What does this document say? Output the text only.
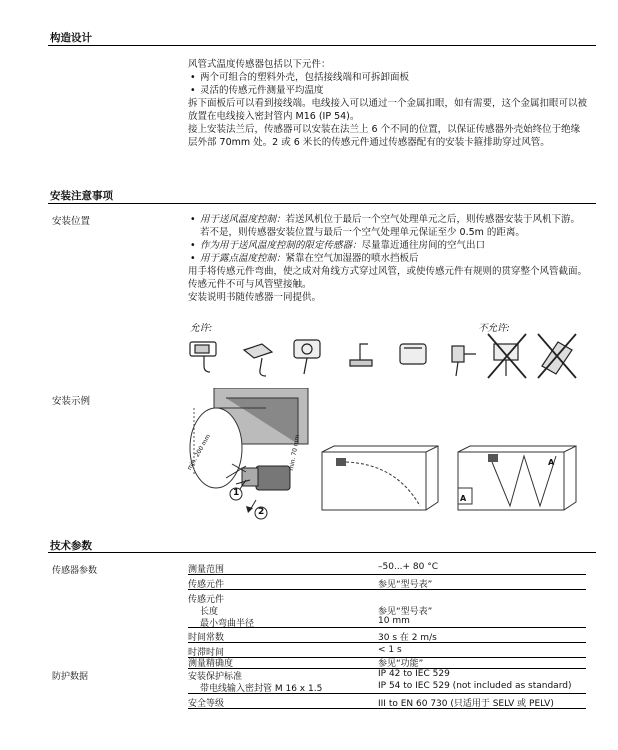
构造设计
风管式温度传感器包括以下元件：
• 两个可组合的塑料外壳，包括接线端和可拆卸面板
• 灵活的传感元件测量平均温度
拆下面板后可以看到接线端。电线接入可以通过一个金属扣眼，如有需要，这个金属扣眼可以被放置在电线接入密封管内 M16 (IP 54)。
接上安装法兰后，传感器可以安装在法兰上 6 个不同的位置，以保证传感器外壳始终位于绝缘层外部 70mm 处。2 或 6 米长的传感元件通过传感器配有的安装卡箍排助穿过风管。
安装注意事项
安装位置
•	用于送风温度控制：若送风机位于最后一个空气处理单元之后，则传感器安装于风机下游。若不是，则传感器安装位置与最后一个空气处理单元保证至少 0.5m 的距离。
• 作为用于送风温度控制的限定传感器：尽量靠近通往房间的空气出口
• 用于露点温度控制：紧靠在空气加湿器的喷水挡板后
用手将传感元件弯曲，使之成对角线方式穿过风管，或使传感元件有规则的贯穿整个风管截面。传感元件不可与风管壁接触。
安装说明书随传感器一同提供。
允许:	不允许:
安装示例
1
2
min. 200 mm	min. 70 mm	A
A
技术参数
传感器参数
防护数据
测量范围	–50...+ 80 °C
传感元件	参见“型号表”
传感元件
长度	参见“型号表”
最小弯曲半径	10 mm
时间常数	30 s 在 2 m/s
时滞时间	< 1 s
测量精确度	参见“功能”
安装保护标准	IP 42 to IEC 529
带电线输入密封管 M 16 x 1.5	IP 54 to IEC 529 (not included as standard)
安全等级	III to EN 60 730 (只适用于 SELV 或 PELV)
